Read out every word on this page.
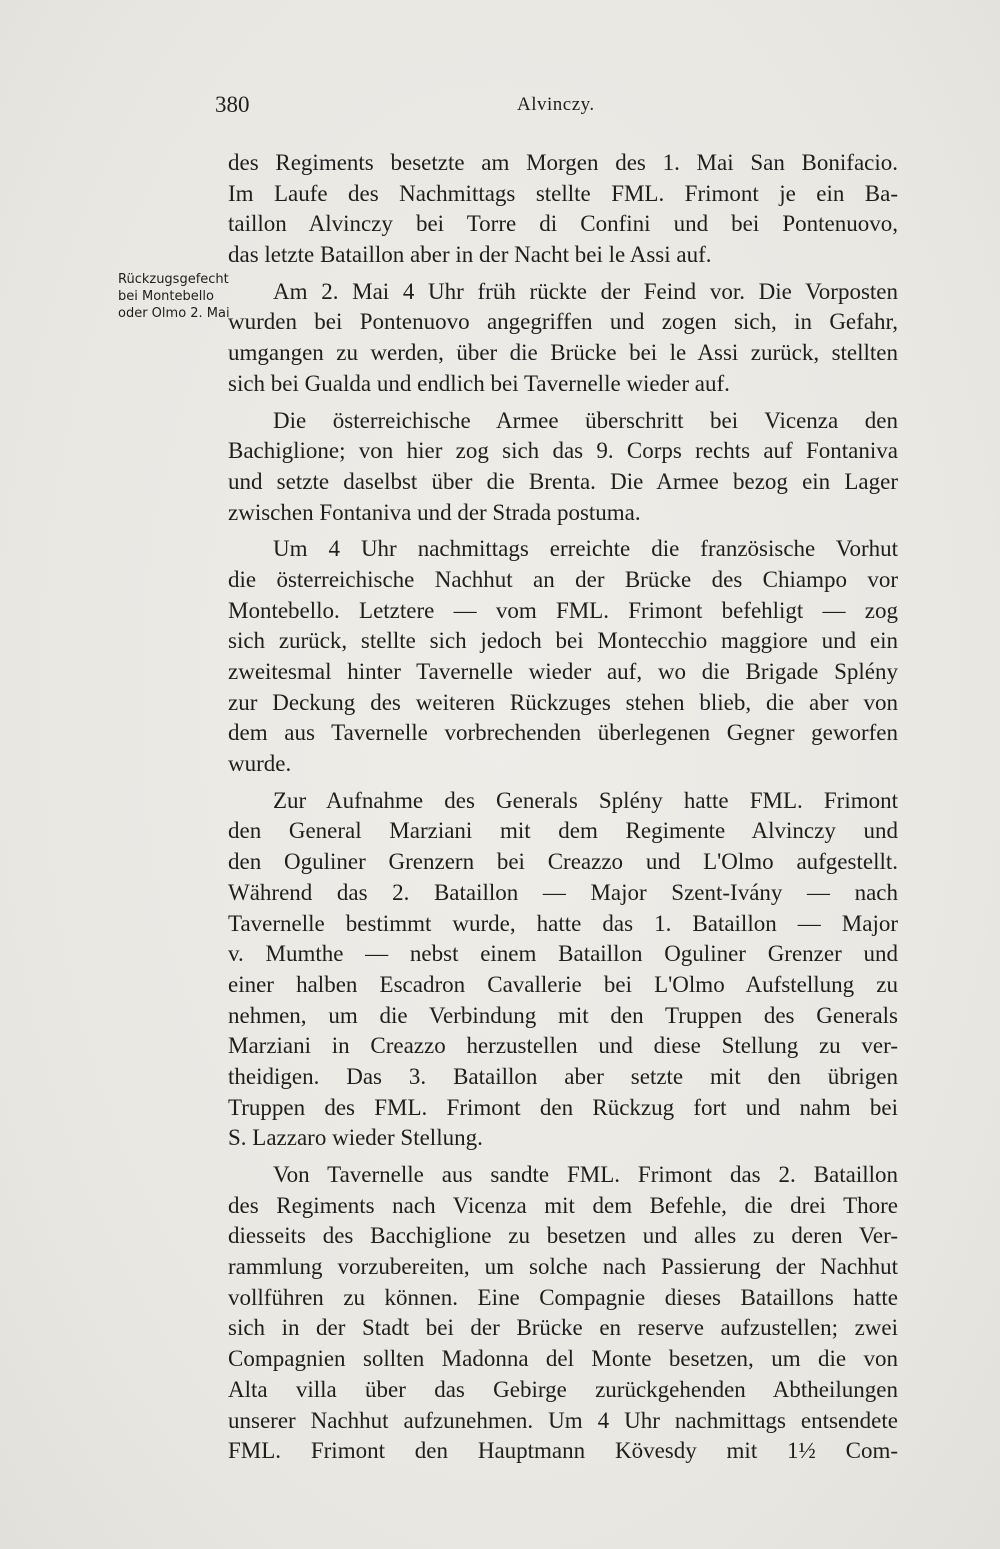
380	Alvinczy.
Rückzugsgefecht
bei Montebello
oder Olmo 2. Mai
des Regiments besetzte am Morgen des 1. Mai San Bonifacio.
Im Laufe des Nachmittags stellte FML. Frimont je ein Ba-
taillon Alvinczy bei Torre di Confini und bei Pontenuovo,
das letzte Bataillon aber in der Nacht bei le Assi auf.
Am 2. Mai 4 Uhr früh rückte der Feind vor. Die Vorposten
wurden bei Pontenuovo angegriffen und zogen sich, in Gefahr,
umgangen zu werden, über die Brücke bei le Assi zurück, stellten
sich bei Gualda und endlich bei Tavernelle wieder auf.
Die österreichische Armee überschritt bei Vicenza den
Bachiglione; von hier zog sich das 9. Corps rechts auf Fontaniva
und setzte daselbst über die Brenta. Die Armee bezog ein Lager
zwischen Fontaniva und der Strada postuma.
Um 4 Uhr nachmittags erreichte die französische Vorhut
die österreichische Nachhut an der Brücke des Chiampo vor
Montebello. Letztere — vom FML. Frimont befehligt — zog
sich zurück, stellte sich jedoch bei Montecchio maggiore und ein
zweitesmal hinter Tavernelle wieder auf, wo die Brigade Splény
zur Deckung des weiteren Rückzuges stehen blieb, die aber von
dem aus Tavernelle vorbrechenden überlegenen Gegner geworfen
wurde.
Zur Aufnahme des Generals Splény hatte FML. Frimont
den General Marziani mit dem Regimente Alvinczy und
den Oguliner Grenzern bei Creazzo und L'Olmo aufgestellt.
Während das 2. Bataillon — Major Szent-Ivány — nach
Tavernelle bestimmt wurde, hatte das 1. Bataillon — Major
v. Mumthe — nebst einem Bataillon Oguliner Grenzer und
einer halben Escadron Cavallerie bei L'Olmo Aufstellung zu
nehmen, um die Verbindung mit den Truppen des Generals
Marziani in Creazzo herzustellen und diese Stellung zu ver-
theidigen. Das 3. Bataillon aber setzte mit den übrigen
Truppen des FML. Frimont den Rückzug fort und nahm bei
S. Lazzaro wieder Stellung.
Von Tavernelle aus sandte FML. Frimont das 2. Bataillon
des Regiments nach Vicenza mit dem Befehle, die drei Thore
diesseits des Bacchiglione zu besetzen und alles zu deren Ver-
rammlung vorzubereiten, um solche nach Passierung der Nachhut
vollführen zu können. Eine Compagnie dieses Bataillons hatte
sich in der Stadt bei der Brücke en reserve aufzustellen; zwei
Compagnien sollten Madonna del Monte besetzen, um die von
Alta villa über das Gebirge zurückgehenden Abtheilungen
unserer Nachhut aufzunehmen. Um 4 Uhr nachmittags entsendete
FML. Frimont den Hauptmann Kövesdy mit 1½ Com-
